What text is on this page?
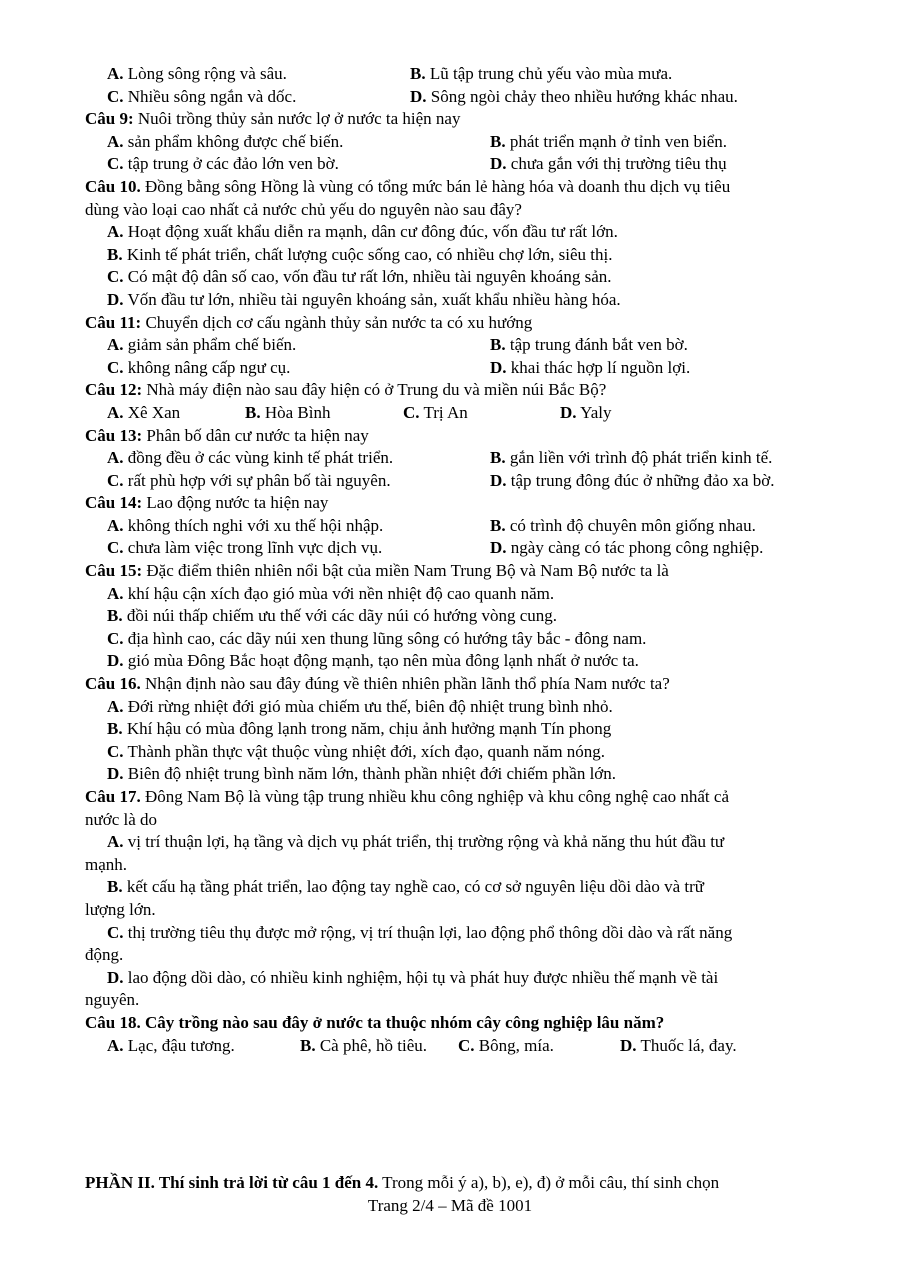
A. Lòng sông rộng và sâu.	B. Lũ tập trung chủ yếu vào mùa mưa.
C. Nhiều sông ngắn và dốc.	D. Sông ngòi chảy theo nhiều hướng khác nhau.
Câu 9: Nuôi trồng thủy sản nước lợ ở nước ta hiện nay
A. sản phẩm không được chế biến.	B. phát triển mạnh ở tỉnh ven biển.
C. tập trung ở các đảo lớn ven bờ.	D. chưa gắn với thị trường tiêu thụ
Câu 10. Đồng bằng sông Hồng là vùng có tổng mức bán lẻ hàng hóa và doanh thu dịch vụ tiêu
dùng vào loại cao nhất cả nước chủ yếu do nguyên nào sau đây?
A. Hoạt động xuất khẩu diễn ra mạnh, dân cư đông đúc, vốn đầu tư rất lớn.
B. Kinh tế phát triển, chất lượng cuộc sống cao, có nhiều chợ lớn, siêu thị.
C. Có mật độ dân số cao, vốn đầu tư rất lớn, nhiều tài nguyên khoáng sản.
D. Vốn đầu tư lớn, nhiều tài nguyên khoáng sản, xuất khẩu nhiều hàng hóa.
Câu 11: Chuyển dịch cơ cấu ngành thủy sản nước ta có xu hướng
A. giảm sản phẩm chế biến.	B. tập trung đánh bắt ven bờ.
C. không nâng cấp ngư cụ.	D. khai thác hợp lí nguồn lợi.
Câu 12: Nhà máy điện nào sau đây hiện có ở Trung du và miền núi Bắc Bộ?
A. Xê Xan	B. Hòa Bình	C. Trị An	D. Yaly
Câu 13: Phân bố dân cư nước ta hiện nay
A. đồng đều ở các vùng kinh tế phát triển.	B. gắn liền với trình độ phát triển kinh tế.
C. rất phù hợp với sự phân bố tài nguyên.	D. tập trung đông đúc ở những đảo xa bờ.
Câu 14: Lao động nước ta hiện nay
A. không thích nghi với xu thế hội nhập.	B. có trình độ chuyên môn giống nhau.
C. chưa làm việc trong lĩnh vực dịch vụ.	D. ngày càng có tác phong công nghiệp.
Câu 15: Đặc điểm thiên nhiên nổi bật của miền Nam Trung Bộ và Nam Bộ nước ta là
A. khí hậu cận xích đạo gió mùa với nền nhiệt độ cao quanh năm.
B. đồi núi thấp chiếm ưu thế với các dãy núi có hướng vòng cung.
C. địa hình cao, các dãy núi xen thung lũng sông có hướng tây bắc - đông nam.
D. gió mùa Đông Bắc hoạt động mạnh, tạo nên mùa đông lạnh nhất ở nước ta.
Câu 16. Nhận định nào sau đây đúng về thiên nhiên phần lãnh thổ phía Nam nước ta?
A. Đới rừng nhiệt đới gió mùa chiếm ưu thế, biên độ nhiệt trung bình nhỏ.
B. Khí hậu có mùa đông lạnh trong năm, chịu ảnh hưởng mạnh Tín phong
C. Thành phần thực vật thuộc vùng nhiệt đới, xích đạo, quanh năm nóng.
D. Biên độ nhiệt trung bình năm lớn, thành phần nhiệt đới chiếm phần lớn.
Câu 17. Đông Nam Bộ là vùng tập trung nhiều khu công nghiệp và khu công nghệ cao nhất cả
nước là do
A. vị trí thuận lợi, hạ tầng và dịch vụ phát triển, thị trường rộng và khả năng thu hút đầu tư
mạnh.
B. kết cấu hạ tầng phát triển, lao động tay nghề cao, có cơ sở nguyên liệu dồi dào và trữ
lượng lớn.
C. thị trường tiêu thụ được mở rộng, vị trí thuận lợi, lao động phổ thông dồi dào và rất năng
động.
D. lao động dồi dào, có nhiều kinh nghiệm, hội tụ và phát huy được nhiều thế mạnh về tài
nguyên.
Câu 18. Cây trồng nào sau đây ở nước ta thuộc nhóm cây công nghiệp lâu năm?
A. Lạc, đậu tương.	B. Cà phê, hồ tiêu. C. Bông, mía.	D. Thuốc lá, đay.
PHẦN II. Thí sinh trả lời từ câu 1 đến 4. Trong mỗi ý a), b), e), đ) ở mỗi câu, thí sinh chọn
Trang 2/4 – Mã đề 1001
